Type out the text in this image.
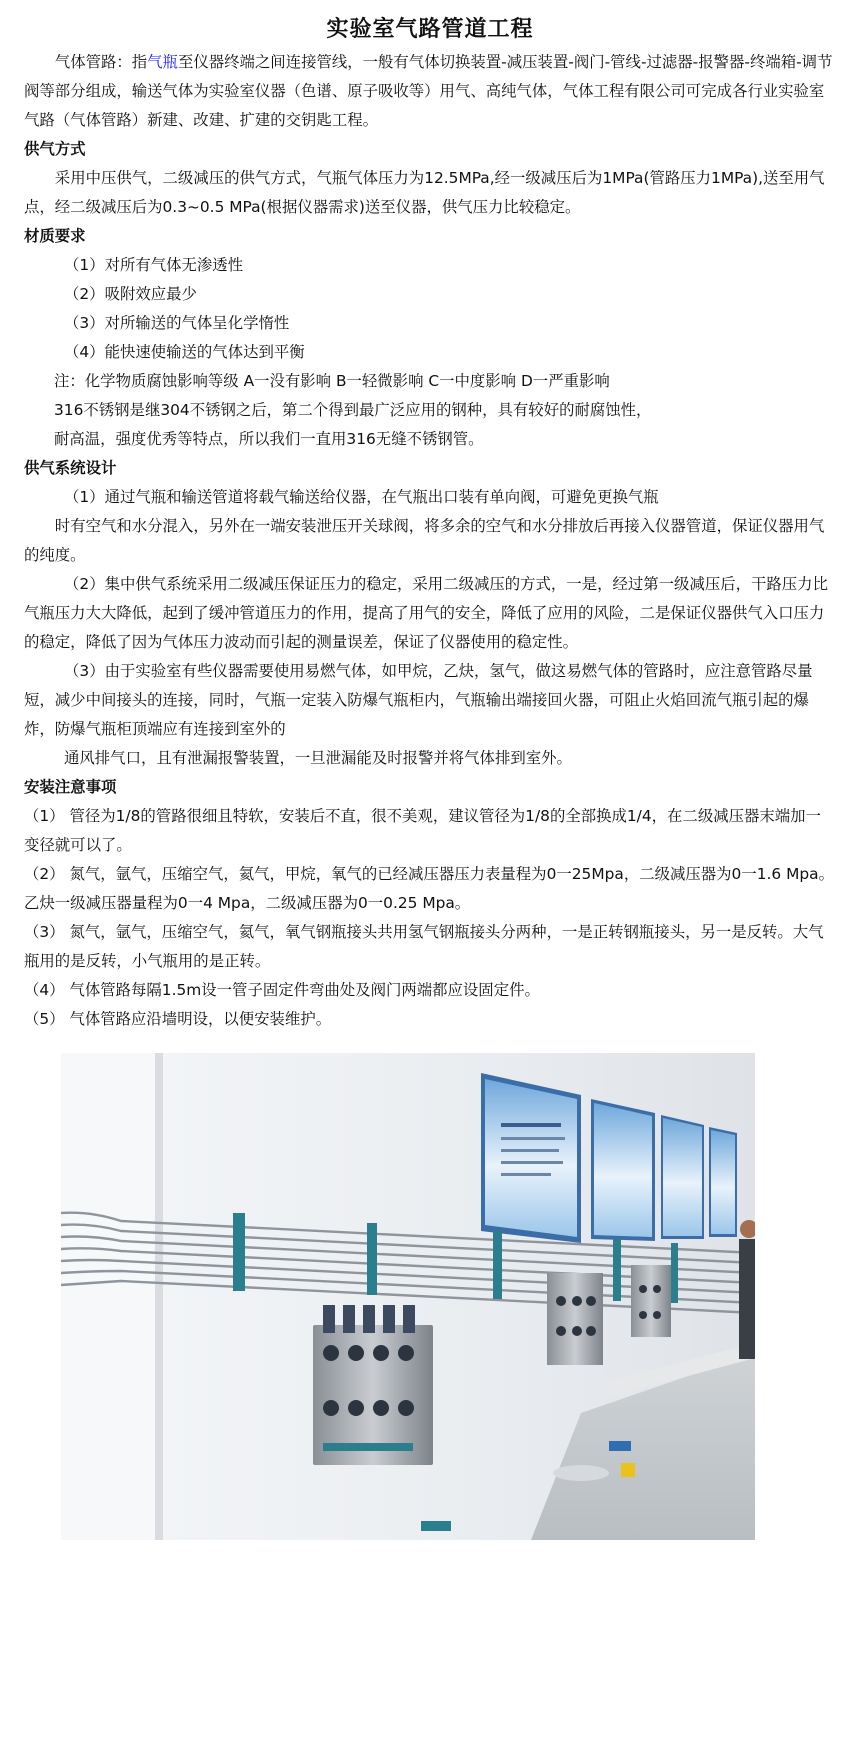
实验室气路管道工程

气体管路：指气瓶至仪器终端之间连接管线，一般有气体切换装置-减压装置-阀门-管线-过滤器-报警器-终端箱-调节阀等部分组成，输送气体为实验室仪器（色谱、原子吸收等）用气、高纯气体，气体工程有限公司可完成各行业实验室气路（气体管路）新建、改建、扩建的交钥匙工程。

供气方式

采用中压供气，二级减压的供气方式，气瓶气体压力为12.5MPa,经一级减压后为1MPa(管路压力1MPa),送至用气点，经二级减压后为0.3~0.5 MPa(根据仪器需求)送至仪器，供气压力比较稳定。

材质要求

（1）对所有气体无渗透性

（2）吸附效应最少

（3）对所输送的气体呈化学惰性

（4）能快速使输送的气体达到平衡

注：化学物质腐蚀影响等级 A一没有影响 B一轻微影响 C一中度影响 D一严重影响

316不锈钢是继304不锈钢之后，第二个得到最广泛应用的钢种，具有较好的耐腐蚀性，

耐高温，强度优秀等特点，所以我们一直用316无缝不锈钢管。

供气系统设计

（1）通过气瓶和输送管道将载气输送给仪器，在气瓶出口装有单向阀，可避免更换气瓶

时有空气和水分混入，另外在一端安装泄压开关球阀，将多余的空气和水分排放后再接入仪器管道，保证仪器用气的纯度。

（2）集中供气系统采用二级减压保证压力的稳定，采用二级减压的方式，一是，经过第一级减压后，干路压力比气瓶压力大大降低，起到了缓冲管道压力的作用，提高了用气的安全，降低了应用的风险，二是保证仪器供气入口压力的稳定，降低了因为气体压力波动而引起的测量误差，保证了仪器使用的稳定性。

（3）由于实验室有些仪器需要使用易燃气体，如甲烷，乙炔，氢气，做这易燃气体的管路时，应注意管路尽量短，减少中间接头的连接，同时，气瓶一定装入防爆气瓶柜内，气瓶输出端接回火器，可阻止火焰回流气瓶引起的爆炸，防爆气瓶柜顶端应有连接到室外的

通风排气口，且有泄漏报警装置，一旦泄漏能及时报警并将气体排到室外。

安装注意事项

（1） 管径为1/8的管路很细且特软，安装后不直，很不美观，建议管径为1/8的全部换成1/4，在二级减压器末端加一变径就可以了。

（2） 氮气，氩气，压缩空气，氦气，甲烷，氧气的已经减压器压力表量程为0一25Mpa，二级减压器为0一1.6 Mpa。乙炔一级减压器量程为0一4 Mpa，二级减压器为0一0.25 Mpa。

（3） 氮气，氩气，压缩空气，氦气，氧气钢瓶接头共用氢气钢瓶接头分两种，一是正转钢瓶接头，另一是反转。大气瓶用的是反转，小气瓶用的是正转。

（4） 气体管路每隔1.5m设一管子固定件弯曲处及阀门两端都应设固定件。

（5） 气体管路应沿墙明设，以便安装维护。
